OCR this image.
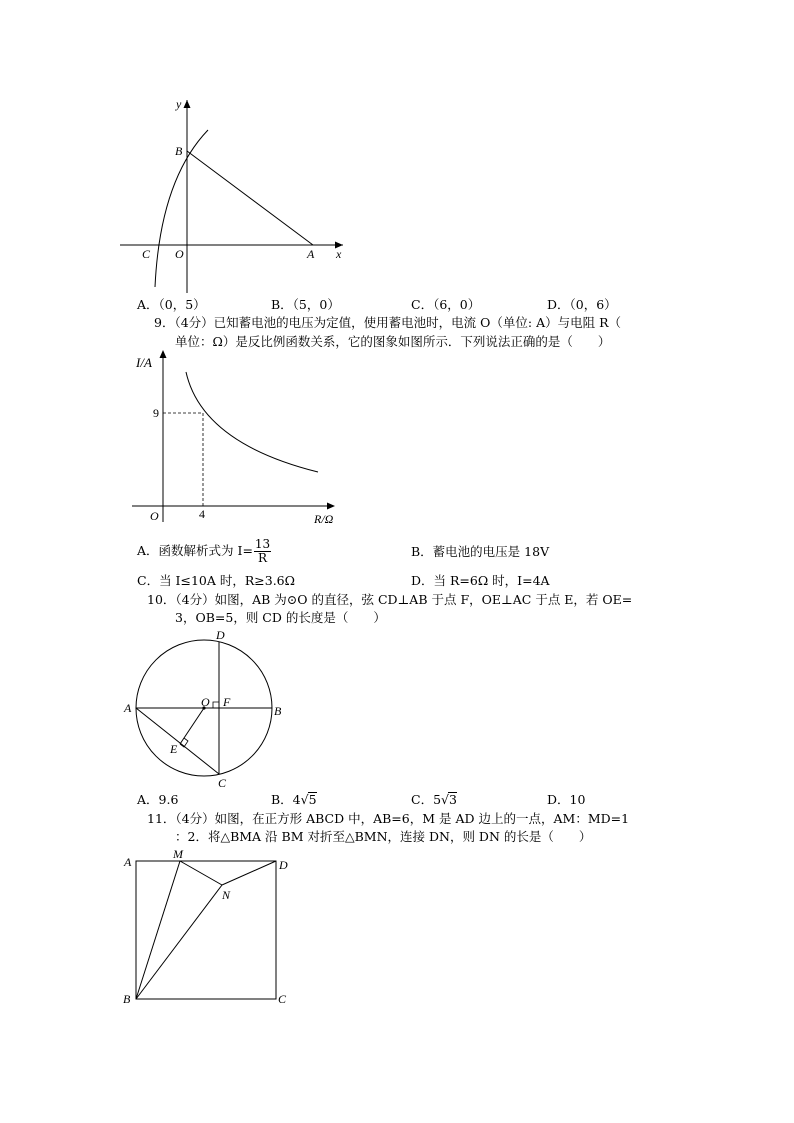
y
x
B
C O	A
A．（0，5）	B．（5，0）	C．（6，0）	D．（0，6）
9．（4分）已知蓄电池的电压为定值，使用蓄电池时，电流 O（单位: A）与电阻 R（
单位：Ω）是反比例函数关系，它的图象如图所示．下列说法正确的是（　　）
I/A
R/Ω
O
9
4
A．函数解析式为 $I= \frac{13}{R}$	B．蓄电池的电压是 18V
C．当 I≤10A 时，R≥3.6Ω	D．当 R=6Ω 时，I=4A
10．（4分）如图，AB 为⊙O 的直径，弦 CD⊥AB 于点 F，OE⊥AC 于点 E，若 OE=
3，OB=5，则 CD 的长度是（　　）
D
O F
A	B
E
C
A．9.6	B．4√5	C．5√3	D．10
11．（4分）如图，在正方形 ABCD 中，AB=6，M 是 AD 边上的一点，AM：MD=1
：2．将△BMA 沿 BM 对折至△BMN，连接 DN，则 DN 的长是（　　）
A
M
D
N
B	C
